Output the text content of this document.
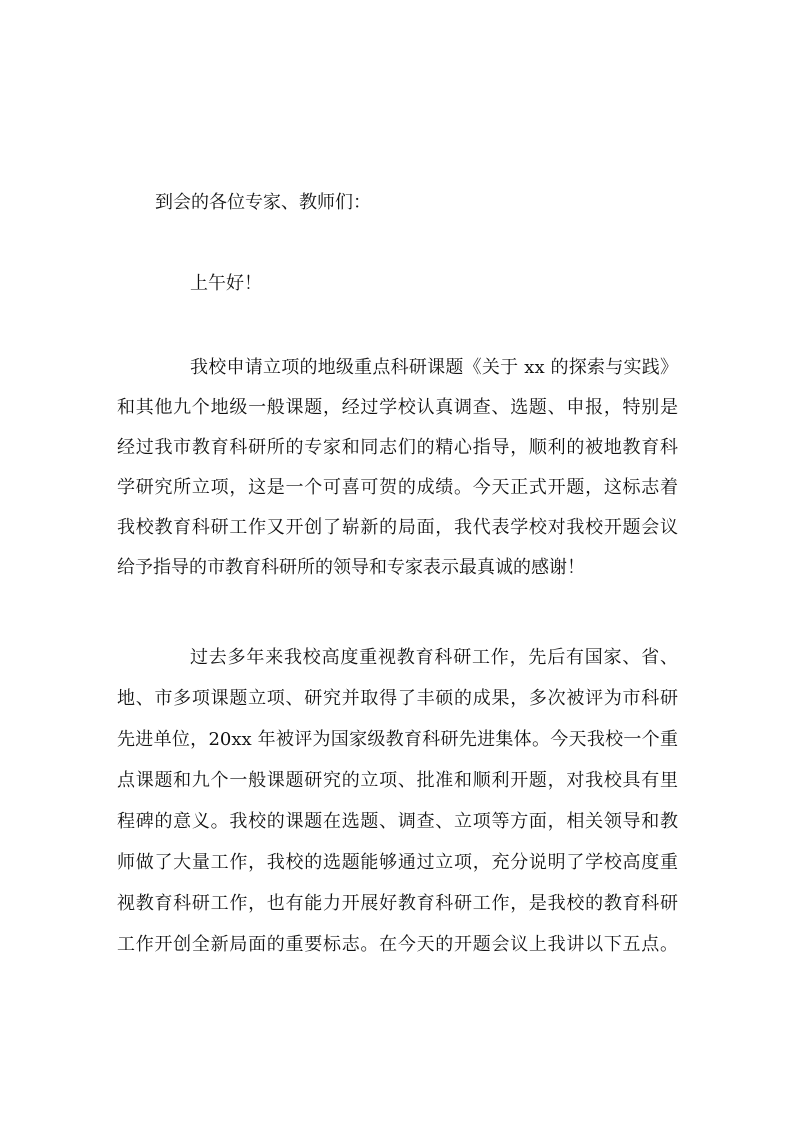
到会的各位专家、教师们：
上午好！
我校申请立项的地级重点科研课题《关于 xx 的探索与实践》
和其他九个地级一般课题，经过学校认真调查、选题、申报，特别是
经过我市教育科研所的专家和同志们的精心指导，顺利的被地教育科
学研究所立项，这是一个可喜可贺的成绩。今天正式开题，这标志着
我校教育科研工作又开创了崭新的局面，我代表学校对我校开题会议
给予指导的市教育科研所的领导和专家表示最真诚的感谢！
过去多年来我校高度重视教育科研工作，先后有国家、省、
地、市多项课题立项、研究并取得了丰硕的成果，多次被评为市科研
先进单位，20xx 年被评为国家级教育科研先进集体。今天我校一个重
点课题和九个一般课题研究的立项、批准和顺利开题，对我校具有里
程碑的意义。我校的课题在选题、调查、立项等方面，相关领导和教
师做了大量工作，我校的选题能够通过立项，充分说明了学校高度重
视教育科研工作，也有能力开展好教育科研工作，是我校的教育科研
工作开创全新局面的重要标志。在今天的开题会议上我讲以下五点。
